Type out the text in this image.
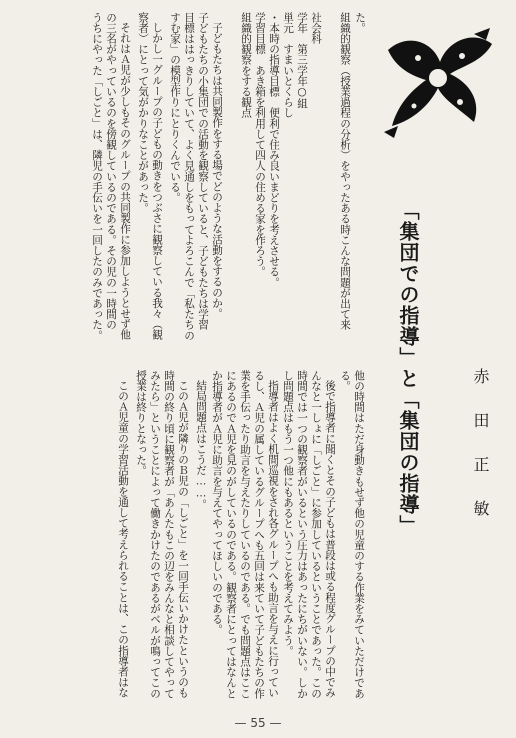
「集団での指導」と「集団の指導」	赤田正敏
た。
組織的観察（授業過程の分析）をやったある時こんな問題が出て来
社会科
学年　第三学年○組
単元　すまいとくらし
・本時の指導目標　便利で住み良いまどりを考えさせる。
学習目標　あき箱を利用して四人の住める家を作ろう。
組織的観察をする観点
子どもたちは共同製作をする場でどのような活動をするのか。
子どもたちの小集団での活動を観察していると、子どもたちは学習
目標ははっきりしていて、よく見通しをもってよろこんで「私たちの
すむ家」の模型作りにとりくんでいる。
しかし一グループの子どもの動きをつぶさに観察している我々（観
察者）にとって気がかりなことがあった。
それはＡ児が少しもそのグループの共同製作に参加しようとせず他
の三名がやっているのを傍観しているのである。その児の一時間の
うちにやった「しごと」は、隣児の手伝いを一回したのみであった。
他の時間はただ身動きもせず他の児童のする作業をみていただけであ
る。
後で指導者に聞くとその子どもは普段は或る程度グループの中でみ
んなと一しょに「しごと」に参加しているということであった。この
時間では一つの観察者がいるという圧力はあったにちがいない。しか
し問題点はもう一つ他にもあるということを考えてみよう。
指導者はよく机間巡視をされ各グループへも助言を与えに行ってい
るし、Ａ児の属しているグループへも五回は来ていて子どもたちの作
業を手伝ったり助言を与えたりしているのである。でも問題点はここ
にあるのでＡ児を見のがしているのである。観察者にとってはなんと
か指導者がＡ児に助言を与えてやってほしいのである。
結局問題点はこうだ……。
このＡ児が隣りのＢ児の「しごと」を一回手伝いかけたというのも
時間の終り頃に観察者が「あんたもこの辺をみんなと相談してやって
みたら」ということによって働きかけたのであるがベルが鳴ってこの
授業は終りとなった。
このＡ児童の学習活動を通して考えられることは、この指導者はな
— 55 —
